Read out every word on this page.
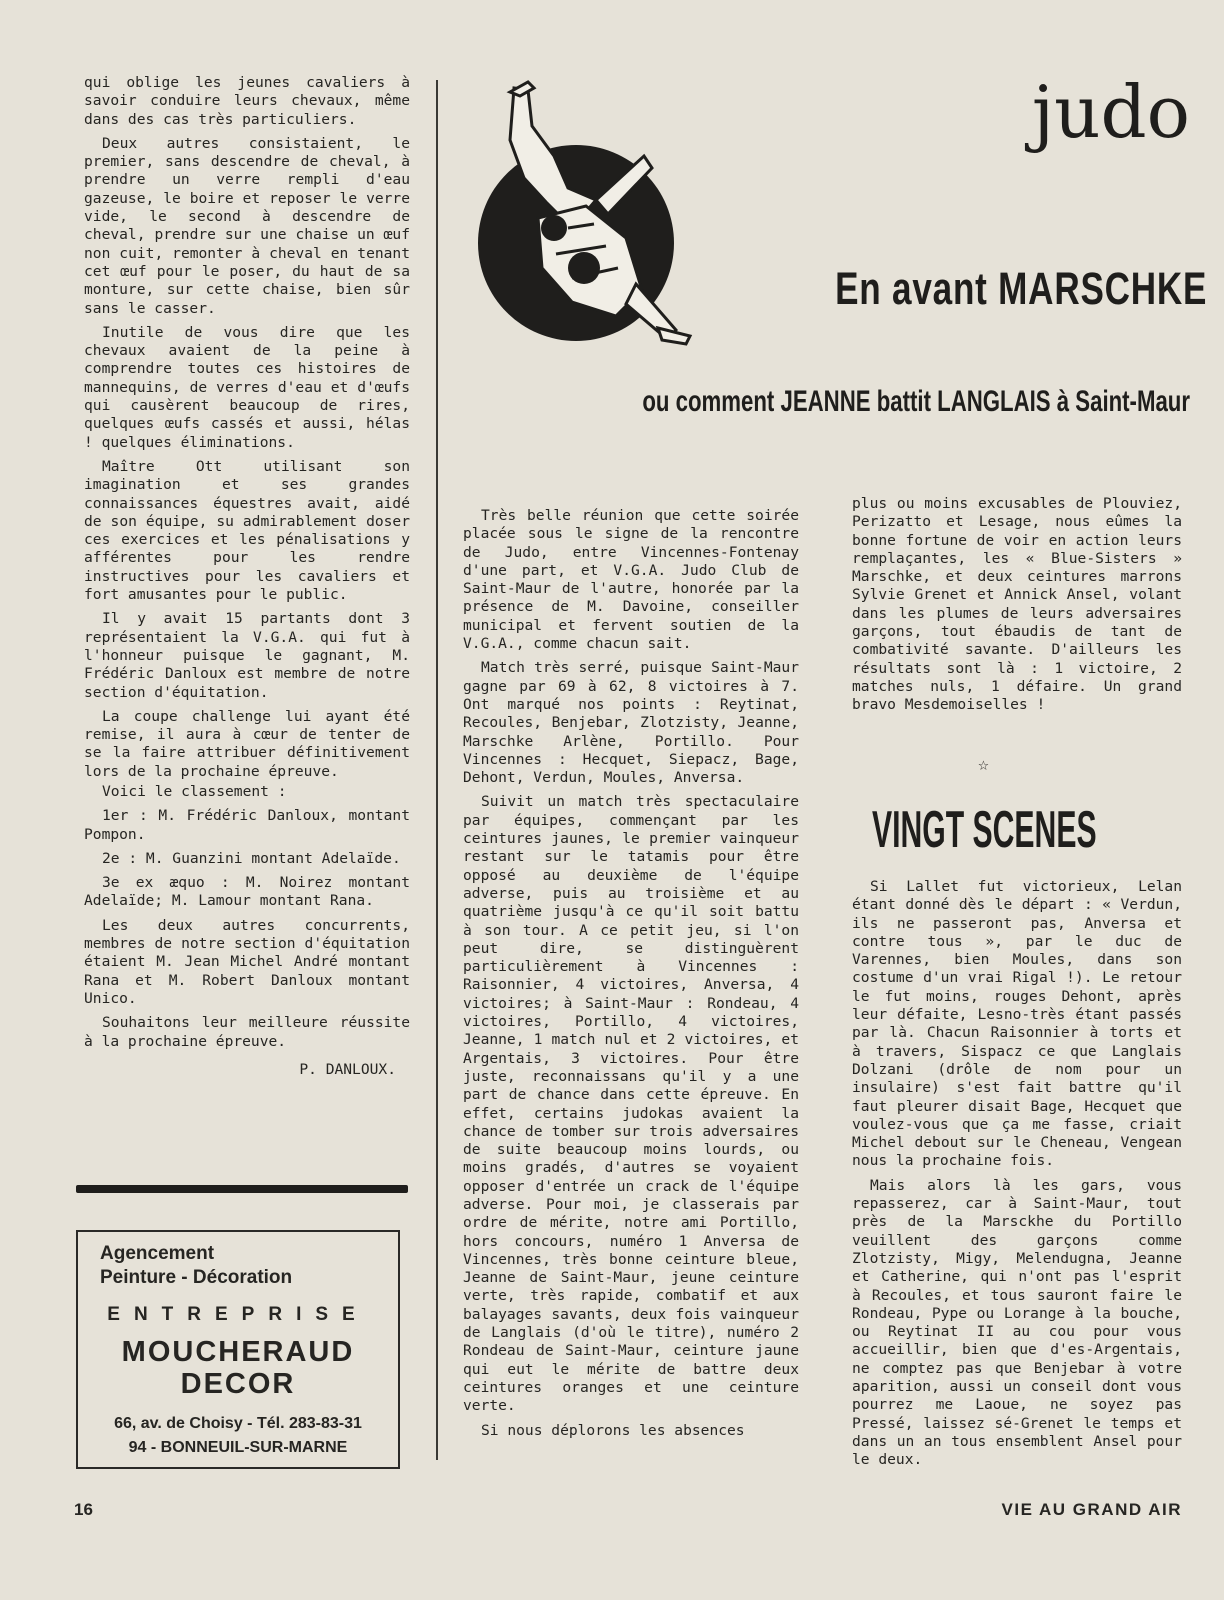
qui oblige les jeunes cavaliers à savoir conduire leurs chevaux, même dans des cas très particuliers.

Deux autres consistaient, le premier, sans descendre de cheval, à prendre un verre rempli d'eau gazeuse, le boire et reposer le verre vide, le second à descendre de cheval, prendre sur une chaise un œuf non cuit, remonter à cheval en tenant cet œuf pour le poser, du haut de sa monture, sur cette chaise, bien sûr sans le casser.

Inutile de vous dire que les chevaux avaient de la peine à comprendre toutes ces histoires de mannequins, de verres d'eau et d'œufs qui causèrent beaucoup de rires, quelques œufs cassés et aussi, hélas ! quelques éliminations.

Maître Ott utilisant son imagination et ses grandes connaissances équestres avait, aidé de son équipe, su admirablement doser ces exercices et les pénalisations y afférentes pour les rendre instructives pour les cavaliers et fort amusantes pour le public.

Il y avait 15 partants dont 3 représentaient la V.G.A. qui fut à l'honneur puisque le gagnant, M. Frédéric Danloux est membre de notre section d'équitation.

La coupe challenge lui ayant été remise, il aura à cœur de tenter de se la faire attribuer définitivement lors de la prochaine épreuve.

Voici le classement :

1er : M. Frédéric Danloux, montant Pompon.

2e : M. Guanzini montant Adelaïde.

3e ex æquo : M. Noirez montant Adelaïde; M. Lamour montant Rana.

Les deux autres concurrents, membres de notre section d'équitation étaient M. Jean Michel André montant Rana et M. Robert Danloux montant Unico.

Souhaitons leur meilleure réussite à la prochaine épreuve.

P. DANLOUX.
Agencement
Peinture - Décoration
ENTREPRISE
MOUCHERAUD
DECOR
66, av. de Choisy - Tél. 283-83-31
94 - BONNEUIL-SUR-MARNE
judo
En avant MARSCHKE
ou comment JEANNE battit LANGLAIS à Saint-Maur

Très belle réunion que cette soirée placée sous le signe de la rencontre de Judo, entre Vincennes-Fontenay d'une part, et V.G.A. Judo Club de Saint-Maur de l'autre, honorée par la présence de M. Davoine, conseiller municipal et fervent soutien de la V.G.A., comme chacun sait.

Match très serré, puisque Saint-Maur gagne par 69 à 62, 8 victoires à 7. Ont marqué nos points : Reytinat, Recoules, Benjebar, Zlotzisty, Jeanne, Marschke Arlène, Portillo. Pour Vincennes : Hecquet, Siepacz, Bage, Dehont, Verdun, Moules, Anversa.

Suivit un match très spectaculaire par équipes, commençant par les ceintures jaunes, le premier vainqueur restant sur le tatamis pour être opposé au deuxième de l'équipe adverse, puis au troisième et au quatrième jusqu'à ce qu'il soit battu à son tour. A ce petit jeu, si l'on peut dire, se distinguèrent particulièrement à Vincennes : Raisonnier, 4 victoires, Anversa, 4 victoires; à Saint-Maur : Rondeau, 4 victoires, Portillo, 4 victoires, Jeanne, 1 match nul et 2 victoires, et Argentais, 3 victoires. Pour être juste, reconnaissans qu'il y a une part de chance dans cette épreuve. En effet, certains judokas avaient la chance de tomber sur trois adversaires de suite beaucoup moins lourds, ou moins gradés, d'autres se voyaient opposer d'entrée un crack de l'équipe adverse. Pour moi, je classerais par ordre de mérite, notre ami Portillo, hors concours, numéro 1 Anversa de Vincennes, très bonne ceinture bleue, Jeanne de Saint-Maur, jeune ceinture verte, très rapide, combatif et aux balayages savants, deux fois vainqueur de Langlais (d'où le titre), numéro 2 Rondeau de Saint-Maur, ceinture jaune qui eut le mérite de battre deux ceintures oranges et une ceinture verte.

Si nous déplorons les absences

plus ou moins excusables de Plouviez, Perizatto et Lesage, nous eûmes la bonne fortune de voir en action leurs remplaçantes, les « Blue-Sisters » Marschke, et deux ceintures marrons Sylvie Grenet et Annick Ansel, volant dans les plumes de leurs adversaires garçons, tout ébaudis de tant de combativité savante. D'ailleurs les résultats sont là : 1 victoire, 2 matches nuls, 1 défaire. Un grand bravo Mesdemoiselles !

☆
VINGT SCENES

Si Lallet fut victorieux, Lelan étant donné dès le départ : « Verdun, ils ne passeront pas, Anversa et contre tous », par le duc de Varennes, bien Moules, dans son costume d'un vrai Rigal !). Le retour le fut moins, rouges Dehont, après leur défaite, Lesno-très étant passés par là. Chacun Raisonnier à torts et à travers, Sispacz ce que Langlais Dolzani (drôle de nom pour un insulaire) s'est fait battre qu'il faut pleurer disait Bage, Hecquet que voulez-vous que ça me fasse, criait Michel debout sur le Cheneau, Vengean nous la prochaine fois.

Mais alors là les gars, vous repasserez, car à Saint-Maur, tout près de la Marsckhe du Portillo veuillent des garçons comme Zlotzisty, Migy, Melendugna, Jeanne et Catherine, qui n'ont pas l'esprit à Recoules, et tous sauront faire le Rondeau, Pype ou Lorange à la bouche, ou Reytinat II au cou pour vous accueillir, bien que d'es-Argentais, ne comptez pas que Benjebar à votre aparition, aussi un conseil dont vous pourrez me Laoue, ne soyez pas Pressé, laissez sé-Grenet le temps et dans un an tous ensemblent Ansel pour le deux.

16	VIE AU GRAND AIR
